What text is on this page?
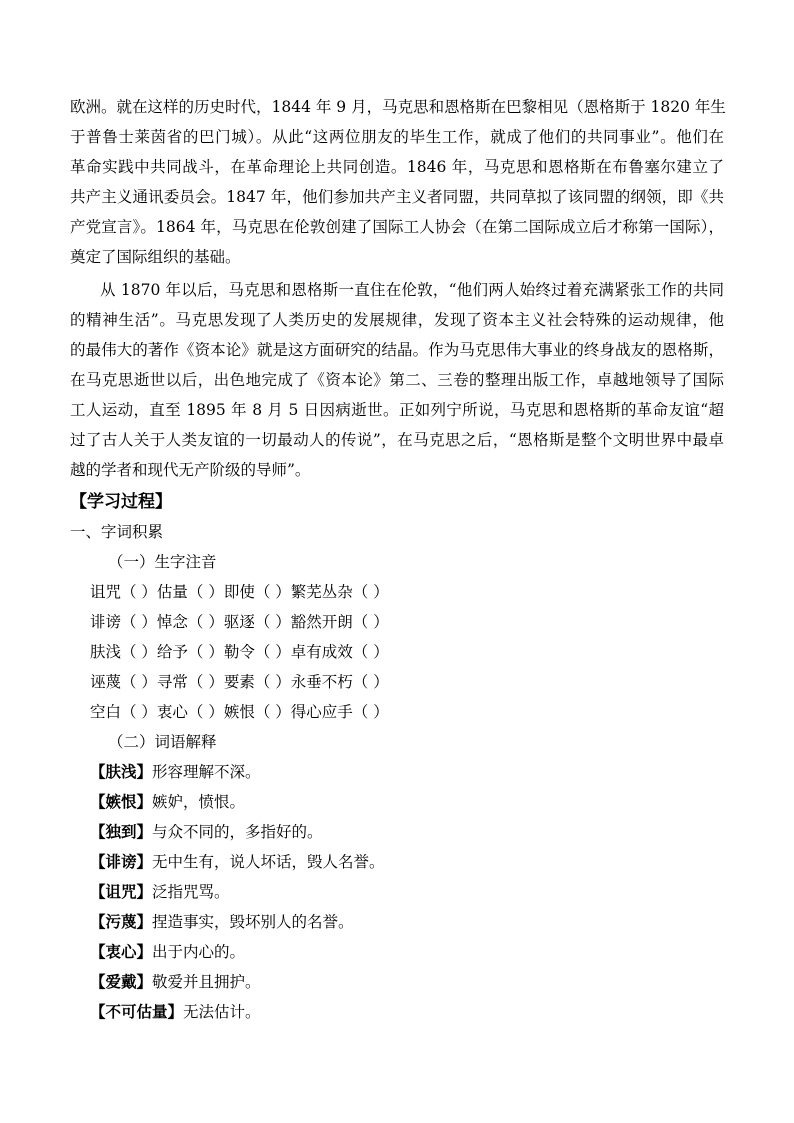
欧洲。就在这样的历史时代，1844 年 9 月，马克思和恩格斯在巴黎相见（恩格斯于 1820 年生
于普鲁士莱茵省的巴门城）。从此“这两位朋友的毕生工作，就成了他们的共同事业”。他们在
革命实践中共同战斗，在革命理论上共同创造。1846 年，马克思和恩格斯在布鲁塞尔建立了
共产主义通讯委员会。1847 年，他们参加共产主义者同盟，共同草拟了该同盟的纲领，即《共
产党宣言》。1864 年，马克思在伦敦创建了国际工人协会（在第二国际成立后才称第一国际），
奠定了国际组织的基础。
从 1870 年以后，马克思和恩格斯一直住在伦敦，“他们两人始终过着充满紧张工作的共同
的精神生活”。马克思发现了人类历史的发展规律，发现了资本主义社会特殊的运动规律，他
的最伟大的著作《资本论》就是这方面研究的结晶。作为马克思伟大事业的终身战友的恩格斯，
在马克思逝世以后，出色地完成了《资本论》第二、三卷的整理出版工作，卓越地领导了国际
工人运动，直至 1895 年 8 月 5 日因病逝世。正如列宁所说，马克思和恩格斯的革命友谊“超
过了古人关于人类友谊的一切最动人的传说”，在马克思之后，“恩格斯是整个文明世界中最卓
越的学者和现代无产阶级的导师”。
【学习过程】
一、字词积累
（一）生字注音
诅咒（ ）估量（ ）即使（ ）繁芜丛杂（ ）
诽谤（ ）悼念（ ）驱逐（ ）豁然开朗（ ）
肤浅（ ）给予（ ）勒令（ ）卓有成效（ ）
诬蔑（ ）寻常（ ）要素（ ）永垂不朽（ ）
空白（ ）衷心（ ）嫉恨（ ）得心应手（ ）
（二）词语解释
【肤浅】形容理解不深。
【嫉恨】嫉妒，愤恨。
【独到】与众不同的，多指好的。
【诽谤】无中生有，说人坏话，毁人名誉。
【诅咒】泛指咒骂。
【污蔑】捏造事实，毁坏别人的名誉。
【衷心】出于内心的。
【爱戴】敬爱并且拥护。
【不可估量】无法估计。
